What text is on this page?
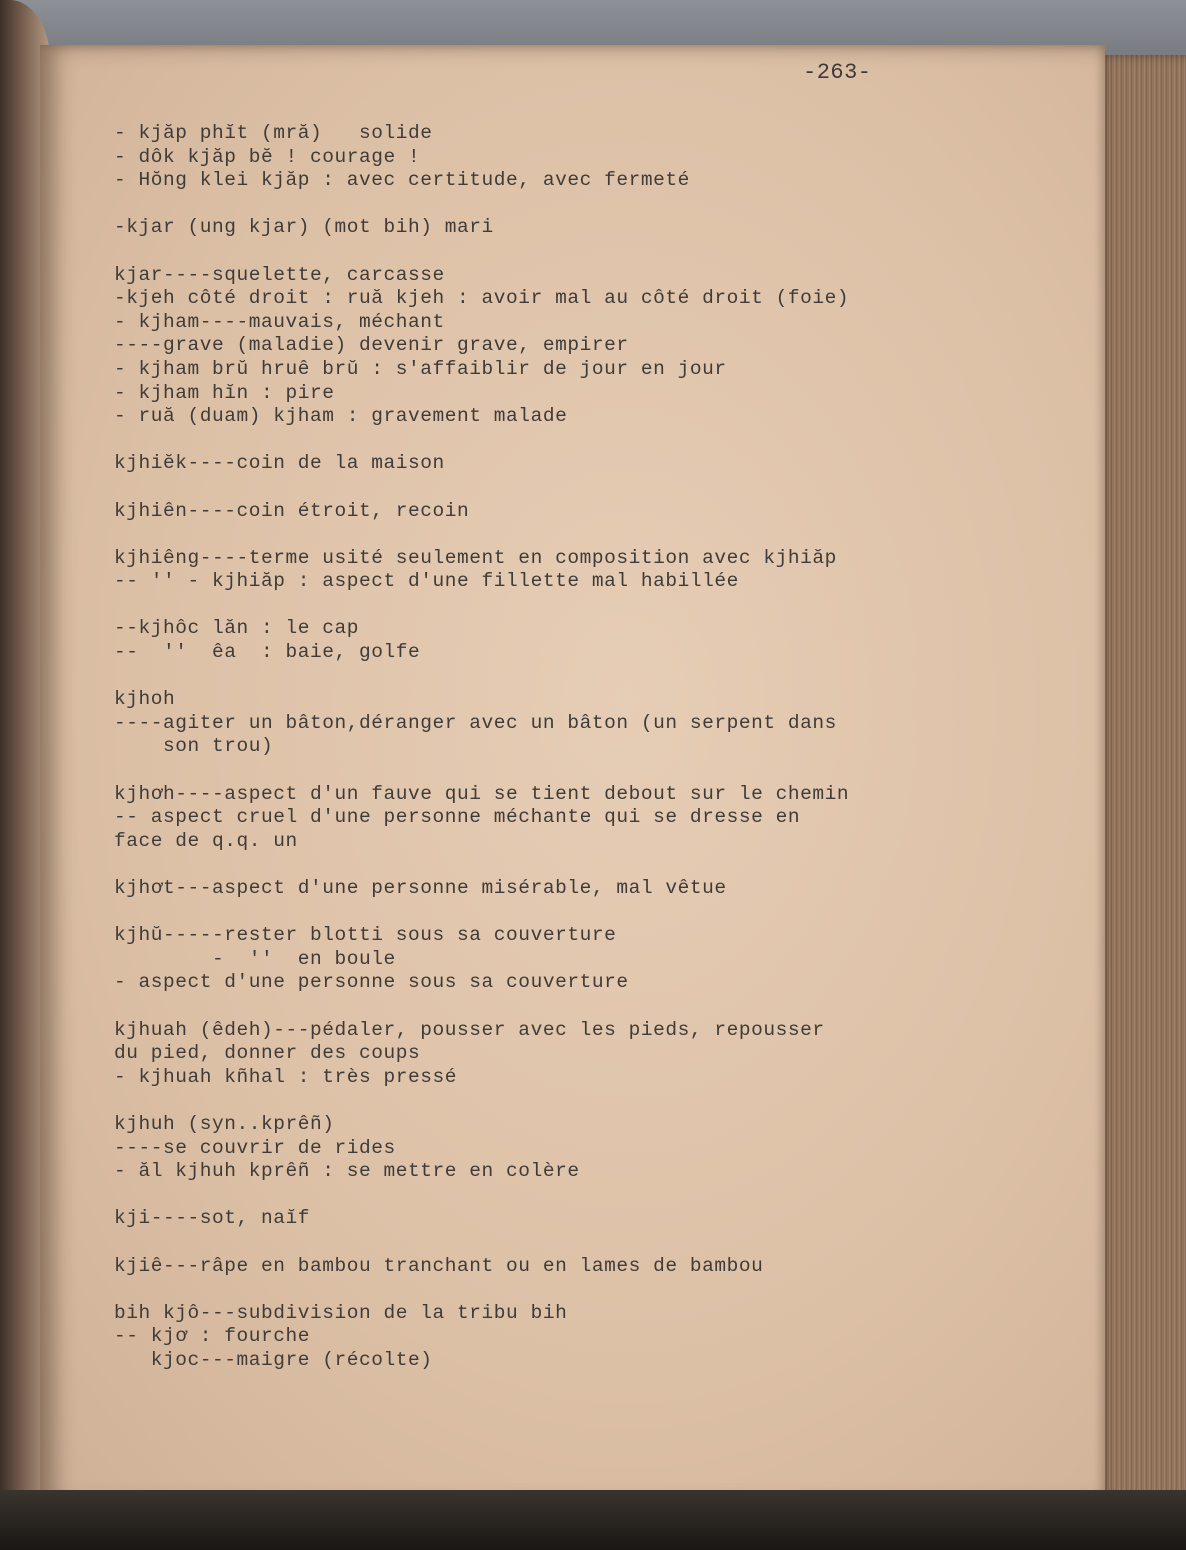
-263-
- kjăp phĭt (mră)   solide
- dôk kjăp bĕ ! courage !
- Hŏng klei kjăp : avec certitude, avec fermeté
-kjar (ung kjar) (mot bih) mari
kjar----squelette, carcasse
-kjeh côté droit : ruă kjeh : avoir mal au côté droit (foie)
- kjham----mauvais, méchant
----grave (maladie) devenir grave, empirer
- kjham brŭ hruê brŭ : s'affaiblir de jour en jour
- kjham hĭn : pire
- ruă (duam) kjham : gravement malade
kjhiĕk----coin de la maison
kjhiên----coin étroit, recoin
kjhiêng----terme usité seulement en composition avec kjhiăp
-- '' - kjhiăp : aspect d'une fillette mal habillée
--kjhôc lăn : le cap
--  ''  êa  : baie, golfe
kjhoh
----agiter un bâton,déranger avec un bâton (un serpent dans
son trou)
kjhơh----aspect d'un fauve qui se tient debout sur le chemin
-- aspect cruel d'une personne méchante qui se dresse en
face de q.q. un
kjhơt---aspect d'une personne misérable, mal vêtue
kjhŭ-----rester blotti sous sa couverture
-  ''  en boule
- aspect d'une personne sous sa couverture
kjhuah (êdeh)---pédaler, pousser avec les pieds, repousser
du pied, donner des coups
- kjhuah kñhal : très pressé
kjhuh (syn..kprêñ)
----se couvrir de rides
- ăl kjhuh kprêñ : se mettre en colère
kji----sot, naĭf
kjiê---râpe en bambou tranchant ou en lames de bambou
bih kjô---subdivision de la tribu bih
-- kjơ : fourche
kjoc---maigre (récolte)
